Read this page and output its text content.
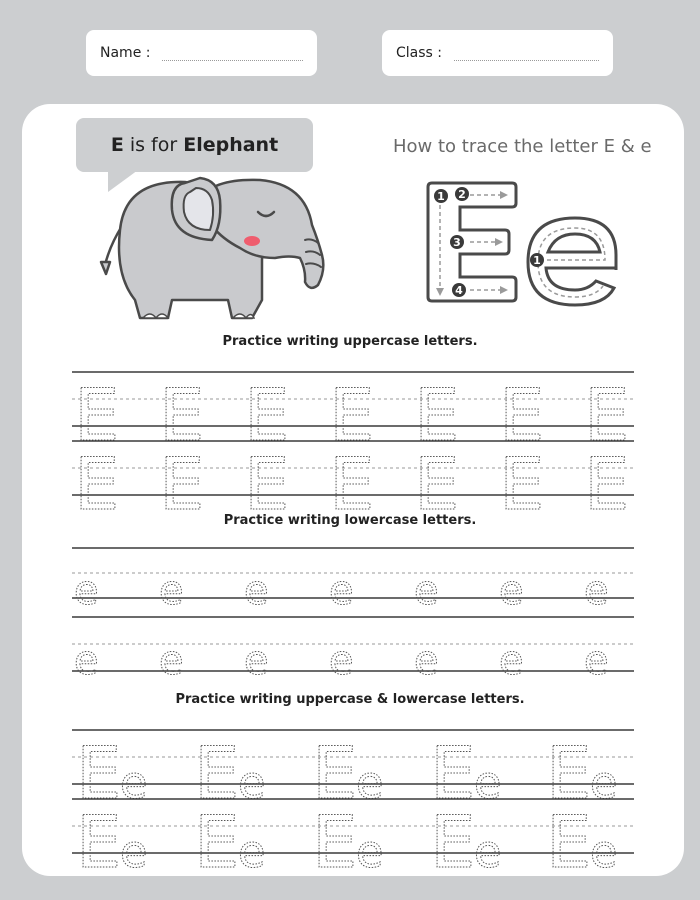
Name :	Class :
E
is for
Elephant	How to trace the letter E & e
1 2
3
4
1
Practice writing uppercase letters.
Practice writing lowercase letters.
Practice writing uppercase & lowercase letters.
E E E E E E E
E E E E E E E
e e e e e e e
e e e e e e e
E
e E
e E
e E
e E
e
E
e E
e E
e E
e E
e
